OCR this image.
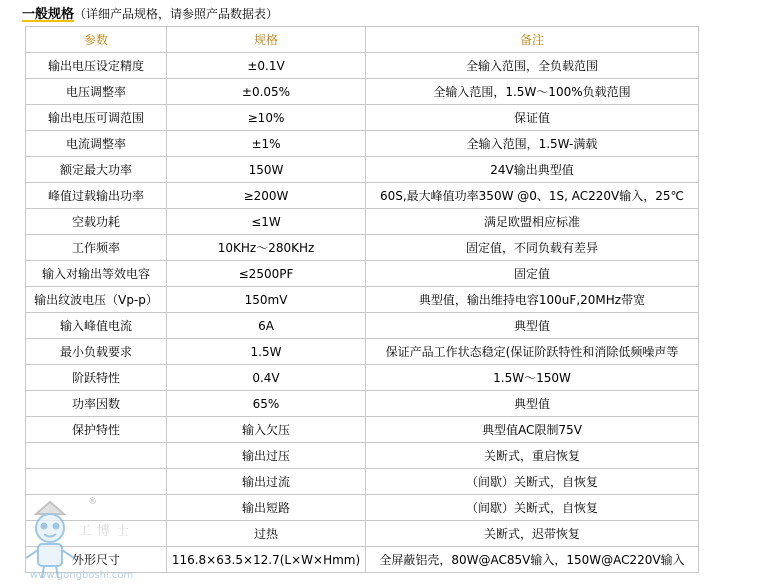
一般规格（详细产品规格，请参照产品数据表）
参数	规格	备注
输出电压设定精度	±0.1V	全输入范围，全负载范围
电压调整率	±0.05%	全输入范围，1.5W～100%负载范围
输出电压可调范围	≥10%	保证值
电流调整率	±1%	全输入范围，1.5W-满载
额定最大功率	150W	24V输出典型值
峰值过载输出功率	≥200W	60S,最大峰值功率350W @0、1S, AC220V输入，25℃
空载功耗	≤1W	满足欧盟相应标准
工作频率	10KHz～280KHz	固定值，不同负载有差异
输入对输出等效电容	≤2500PF	固定值
输出纹波电压（Vp-p）	150mV	典型值，输出维持电容100uF,20MHz带宽
输入峰值电流	6A	典型值
最小负载要求	1.5W	保证产品工作状态稳定(保证阶跃特性和消除低频噪声等
阶跃特性	0.4V	1.5W～150W
功率因数	65%	典型值
保护特性	输入欠压	典型值AC限制75V
	输出过压	关断式，重启恢复
	输出过流	（间歇）关断式，自恢复
	输出短路	（间歇）关断式，自恢复
	过热	关断式，迟带恢复
外形尺寸	116.8×63.5×12.7(L×W×Hmm)	全屏蔽铝壳，80W@AC85V输入，150W@AC220V输入
®
工博士
www.gongboshi.com
